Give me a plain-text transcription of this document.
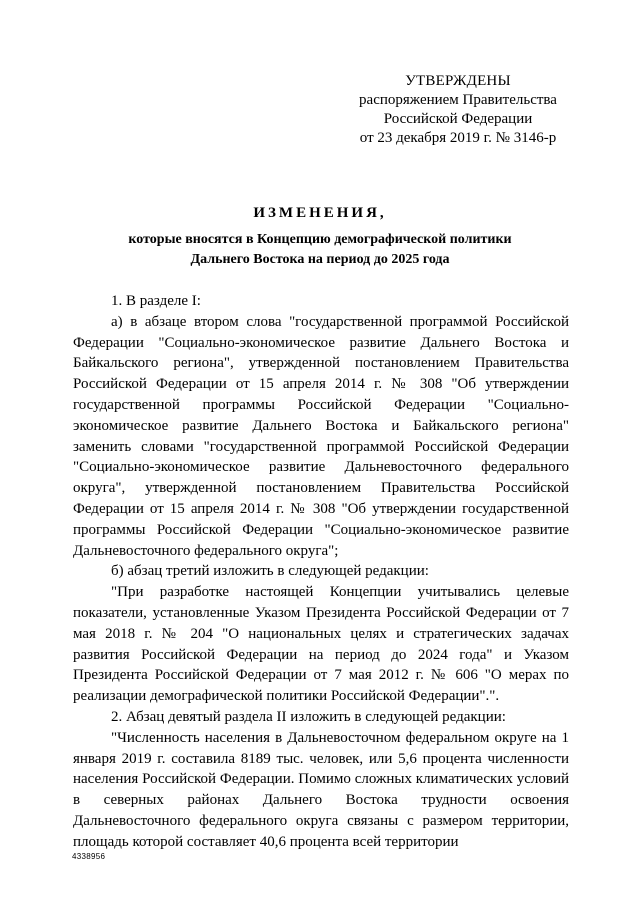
УТВЕРЖДЕНЫ
распоряжением Правительства
Российской Федерации
от 23 декабря 2019 г. № 3146-р
ИЗМЕНЕНИЯ,
которые вносятся в Концепцию демографической политики
Дальнего Востока на период до 2025 года

1. В разделе I:

а) в абзаце втором слова "государственной программой Российской Федерации "Социально-экономическое развитие Дальнего Востока и Байкальского региона", утвержденной постановлением Правительства Российской Федерации от 15 апреля 2014 г. № 308 "Об утверждении государственной программы Российской Федерации "Социально-экономическое развитие Дальнего Востока и Байкальского региона" заменить словами "государственной программой Российской Федерации "Социально-экономическое развитие Дальневосточного федерального округа", утвержденной постановлением Правительства Российской Федерации от 15 апреля 2014 г. № 308 "Об утверждении государственной программы Российской Федерации "Социально-экономическое развитие Дальневосточного федерального округа";

б) абзац третий изложить в следующей редакции:

"При разработке настоящей Концепции учитывались целевые показатели, установленные Указом Президента Российской Федерации от 7 мая 2018 г. № 204 "О национальных целях и стратегических задачах развития Российской Федерации на период до 2024 года" и Указом Президента Российской Федерации от 7 мая 2012 г. № 606 "О мерах по реализации демографической политики Российской Федерации".".

2. Абзац девятый раздела II изложить в следующей редакции:

"Численность населения в Дальневосточном федеральном округе на 1 января 2019 г. составила 8189 тыс. человек, или 5,6 процента численности населения Российской Федерации. Помимо сложных климатических условий в северных районах Дальнего Востока трудности освоения Дальневосточного федерального округа связаны с размером территории, площадь которой составляет 40,6 процента всей территории

4338956
